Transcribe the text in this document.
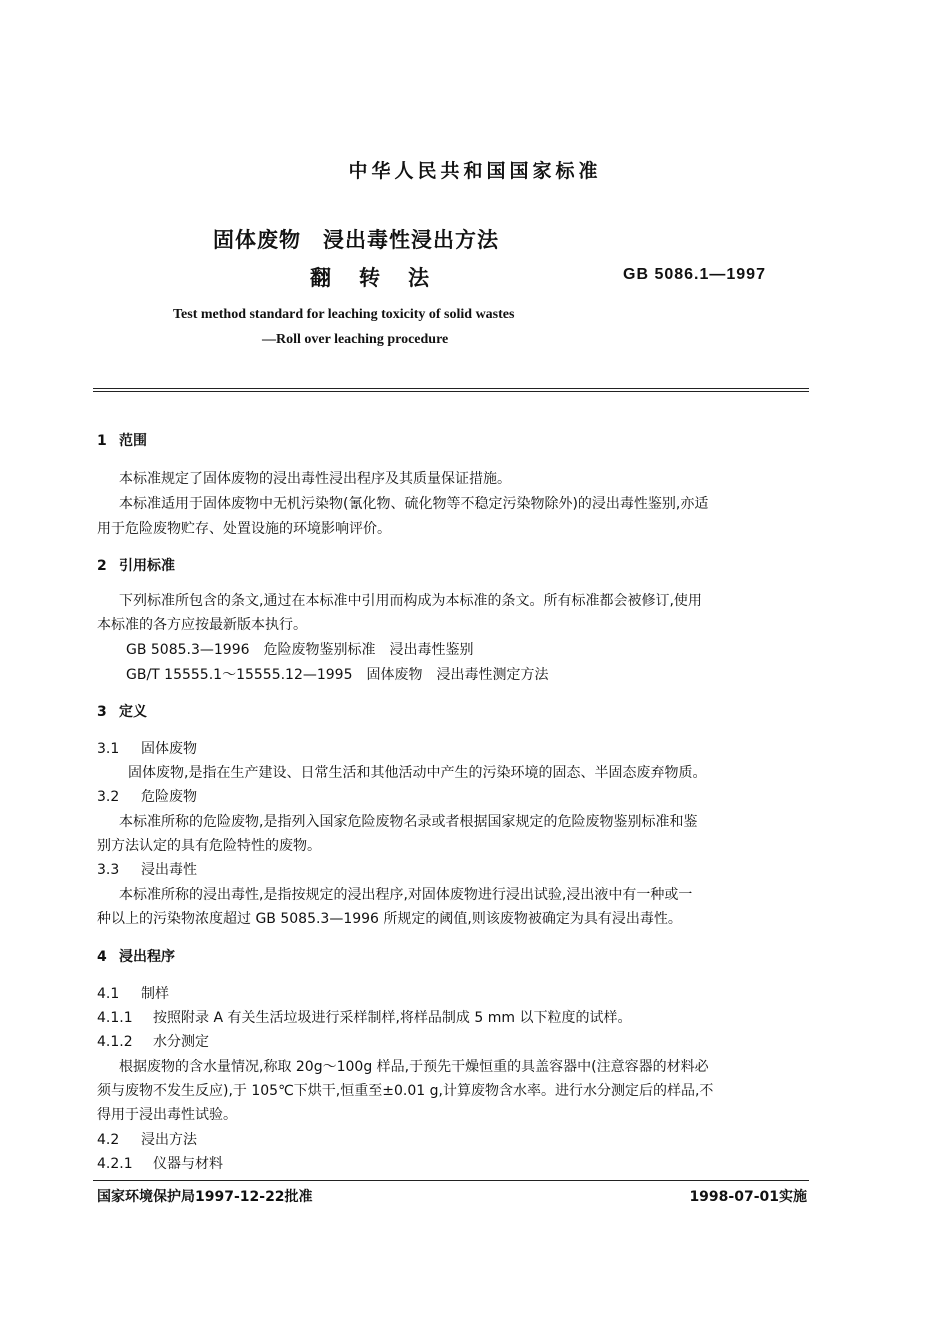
中华人民共和国国家标准
固体废物　浸出毒性浸出方法
翻转法	GB 5086.1—1997
Test method standard for leaching toxicity of solid wastes
—Roll over leaching procedure
1 范围
本标准规定了固体废物的浸出毒性浸出程序及其质量保证措施。
本标准适用于固体废物中无机污染物(氰化物、硫化物等不稳定污染物除外)的浸出毒性鉴别,亦适
用于危险废物贮存、处置设施的环境影响评价。
2 引用标准
下列标准所包含的条文,通过在本标准中引用而构成为本标准的条文。所有标准都会被修订,使用
本标准的各方应按最新版本执行。
GB 5085.3—1996　危险废物鉴别标准　浸出毒性鉴别
GB/T 15555.1～15555.12—1995　固体废物　浸出毒性测定方法
3 定义
3.1 固体废物
固体废物,是指在生产建设、日常生活和其他活动中产生的污染环境的固态、半固态废弃物质。
3.2 危险废物
本标准所称的危险废物,是指列入国家危险废物名录或者根据国家规定的危险废物鉴别标准和鉴
别方法认定的具有危险特性的废物。
3.3 浸出毒性
本标准所称的浸出毒性,是指按规定的浸出程序,对固体废物进行浸出试验,浸出液中有一种或一
种以上的污染物浓度超过 GB 5085.3—1996 所规定的阈值,则该废物被确定为具有浸出毒性。
4 浸出程序
4.1 制样
4.1.1 按照附录 A 有关生活垃圾进行采样制样,将样品制成 5 mm 以下粒度的试样。
4.1.2 水分测定
根据废物的含水量情况,称取 20g～100g 样品,于预先干燥恒重的具盖容器中(注意容器的材料必
须与废物不发生反应),于 105℃下烘干,恒重至±0.01 g,计算废物含水率。进行水分测定后的样品,不
得用于浸出毒性试验。
4.2 浸出方法
4.2.1 仪器与材料
国家环境保护局1997-12-22批准	1998-07-01实施
